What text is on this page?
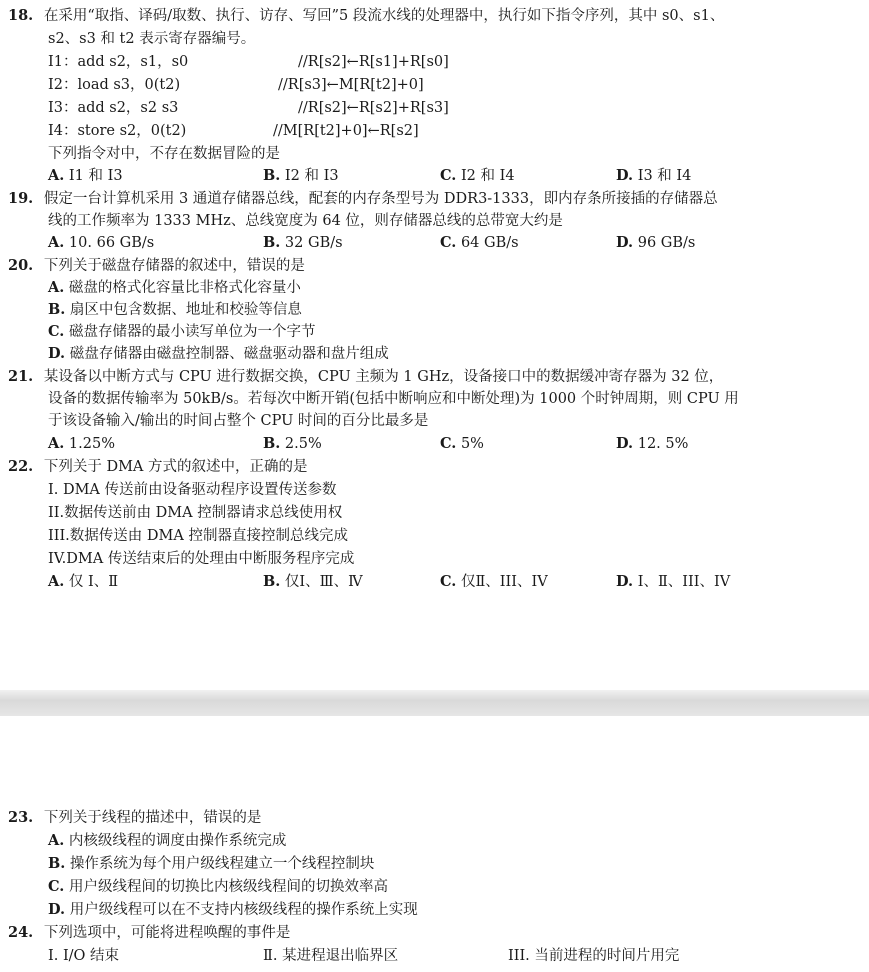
18. 在采用“取指、译码/取数、执行、访存、写回”5 段流水线的处理器中，执行如下指令序列，其中 s0、s1、
s2、s3 和 t2 表示寄存器编号。
I1：add s2，s1，s0	//R[s2]←R[s1]+R[s0]
I2：load s3，0(t2)	//R[s3]←M[R[t2]+0]
I3：add s2，s2 s3	//R[s2]←R[s2]+R[s3]
I4：store s2，0(t2)	//M[R[t2]+0]←R[s2]
下列指令对中，不存在数据冒险的是
A. I1 和 I3	B. I2 和 I3	C. I2 和 I4	D. I3 和 I4
19. 假定一台计算机采用 3 通道存储器总线，配套的内存条型号为 DDR3-1333，即内存条所接插的存储器总
线的工作频率为 1333 MHz、总线宽度为 64 位，则存储器总线的总带宽大约是
A. 10. 66 GB/s	B. 32 GB/s	C. 64 GB/s	D. 96 GB/s
20. 下列关于磁盘存储器的叙述中，错误的是
A. 磁盘的格式化容量比非格式化容量小
B. 扇区中包含数据、地址和校验等信息
C. 磁盘存储器的最小读写单位为一个字节
D. 磁盘存储器由磁盘控制器、磁盘驱动器和盘片组成
21. 某设备以中断方式与 CPU 进行数据交换，CPU 主频为 1 GHz，设备接口中的数据缓冲寄存器为 32 位，
设备的数据传输率为 50kB/s。若每次中断开销(包括中断响应和中断处理)为 1000 个时钟周期，则 CPU 用
于该设备输入/输出的时间占整个 CPU 时间的百分比最多是
A. 1.25%	B. 2.5%	C. 5%	D. 12. 5%
22. 下列关于 DMA 方式的叙述中，正确的是
I. DMA 传送前由设备驱动程序设置传送参数
II.数据传送前由 DMA 控制器请求总线使用权
III.数据传送由 DMA 控制器直接控制总线完成
IV.DMA 传送结束后的处理由中断服务程序完成
A. 仅 I、Ⅱ	B. 仅Ⅰ、Ⅲ、Ⅳ	C. 仅Ⅱ、III、IV	D. I、Ⅱ、III、IV
23. 下列关于线程的描述中，错误的是
A. 内核级线程的调度由操作系统完成
B. 操作系统为每个用户级线程建立一个线程控制块
C. 用户级线程间的切换比内核级线程间的切换效率高
D. 用户级线程可以在不支持内核级线程的操作系统上实现
24. 下列选项中，可能将进程唤醒的事件是
I. I/O 结束	Ⅱ. 某进程退出临界区	III. 当前进程的时间片用完
